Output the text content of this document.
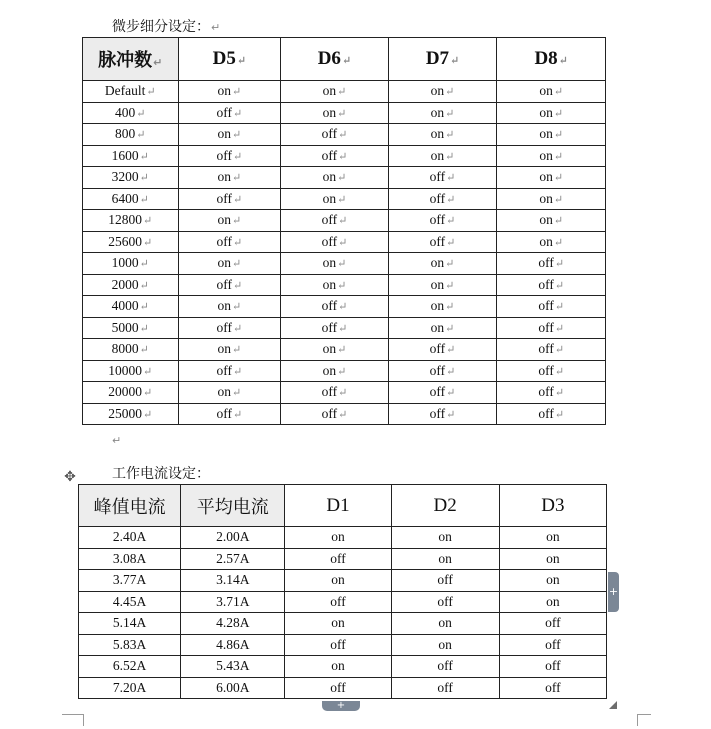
微步细分设定：↵
脉冲数↵	D5↵	D6↵	D7↵	D8↵
Default↵	on↵	on↵	on↵	on↵
400↵	off↵	on↵	on↵	on↵
800↵	on↵	off↵	on↵	on↵
1600↵	off↵	off↵	on↵	on↵
3200↵	on↵	on↵	off↵	on↵
6400↵	off↵	on↵	off↵	on↵
12800↵	on↵	off↵	off↵	on↵
25600↵	off↵	off↵	off↵	on↵
1000↵	on↵	on↵	on↵	off↵
2000↵	off↵	on↵	on↵	off↵
4000↵	on↵	off↵	on↵	off↵
5000↵	off↵	off↵	on↵	off↵
8000↵	on↵	on↵	off↵	off↵
10000↵	off↵	on↵	off↵	off↵
20000↵	on↵	off↵	off↵	off↵
25000↵	off↵	off↵	off↵	off↵
↵
✥	工作电流设定：
峰值电流	平均电流	D1	D2	D3
2.40A	2.00A	on	on	on
3.08A	2.57A	off	on	on
3.77A	3.14A	on	off	on
4.45A	3.71A	off	off	on
5.14A	4.28A	on	on	off
5.83A	4.86A	off	on	off
6.52A	5.43A	on	off	off
7.20A	6.00A	off	off	off
+
+
